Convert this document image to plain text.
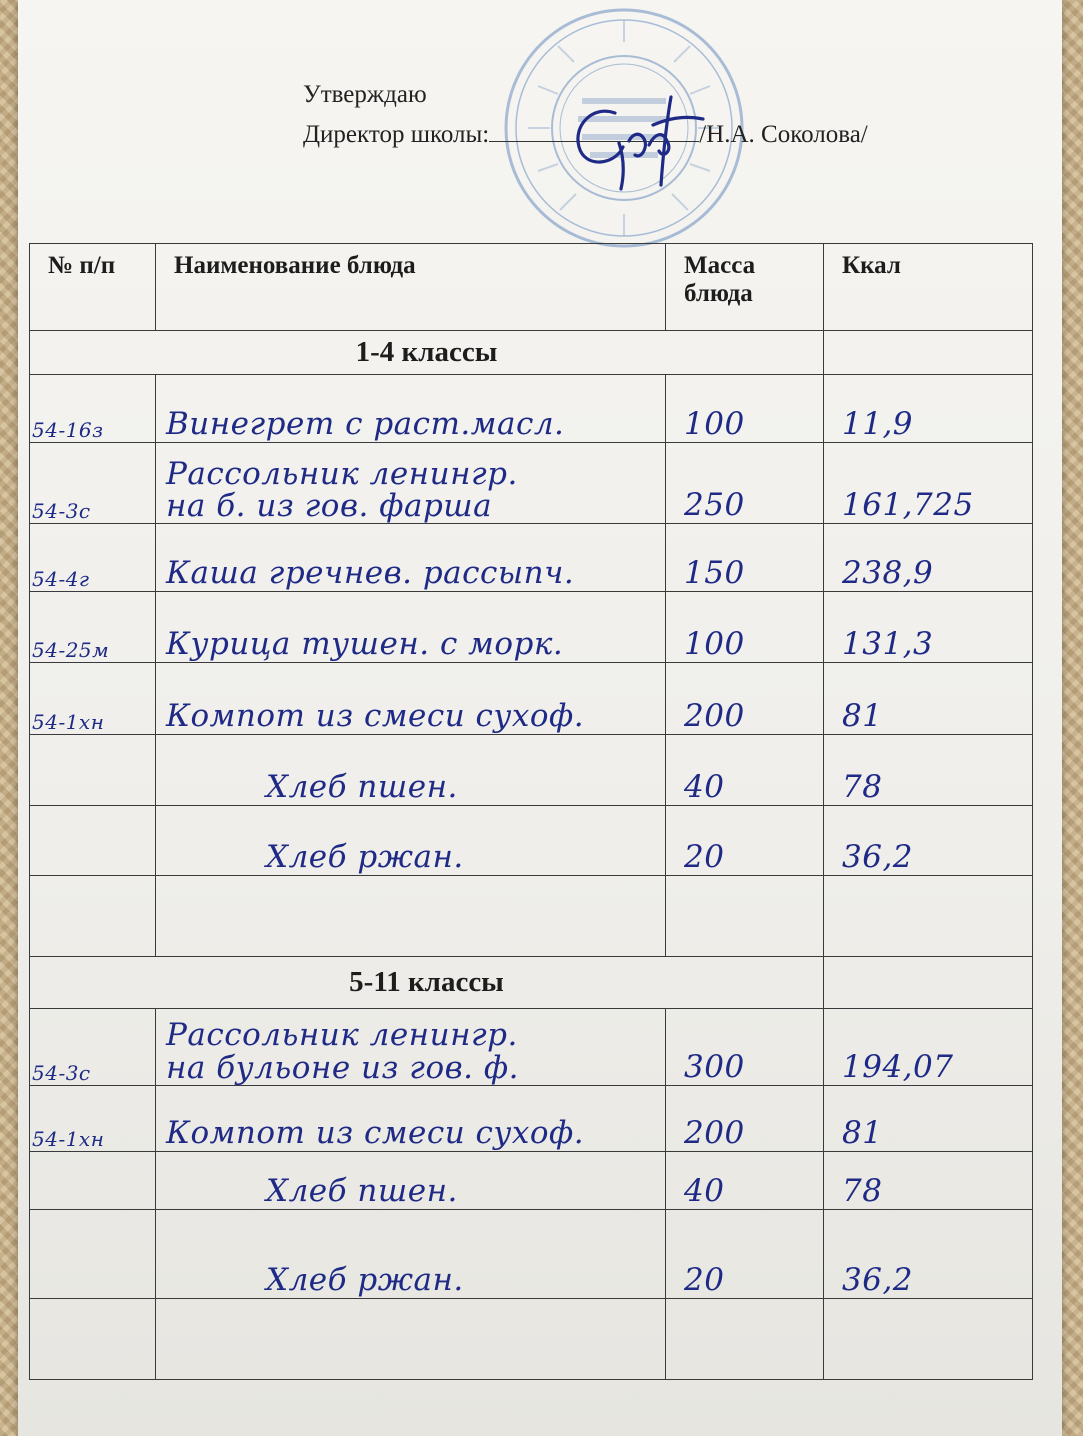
Утверждаю
Директор школы:	/Н.А. Соколова/
№ п/п	Наименование блюда	Масса блюда	Ккал
1-4 классы			
54-16з	Винегрет с раст.масл.	100	11,9
54-3с	Рассольник ленингр.
на б. из гов. фарша	250	161,725
54-4г	Каша гречнев. рассыпч.	150	238,9
54-25м	Курица тушен. с морк.	100	131,3
54-1хн	Компот из смеси сухоф.	200	81
	Хлеб пшен.	40	78
	Хлеб ржан.	20	36,2

5-11 классы			
54-3с	Рассольник ленингр.
на бульоне из гов. ф.	300	194,07
54-1хн	Компот из смеси сухоф.	200	81
	Хлеб пшен.	40	78
	Хлеб ржан.	20	36,2
